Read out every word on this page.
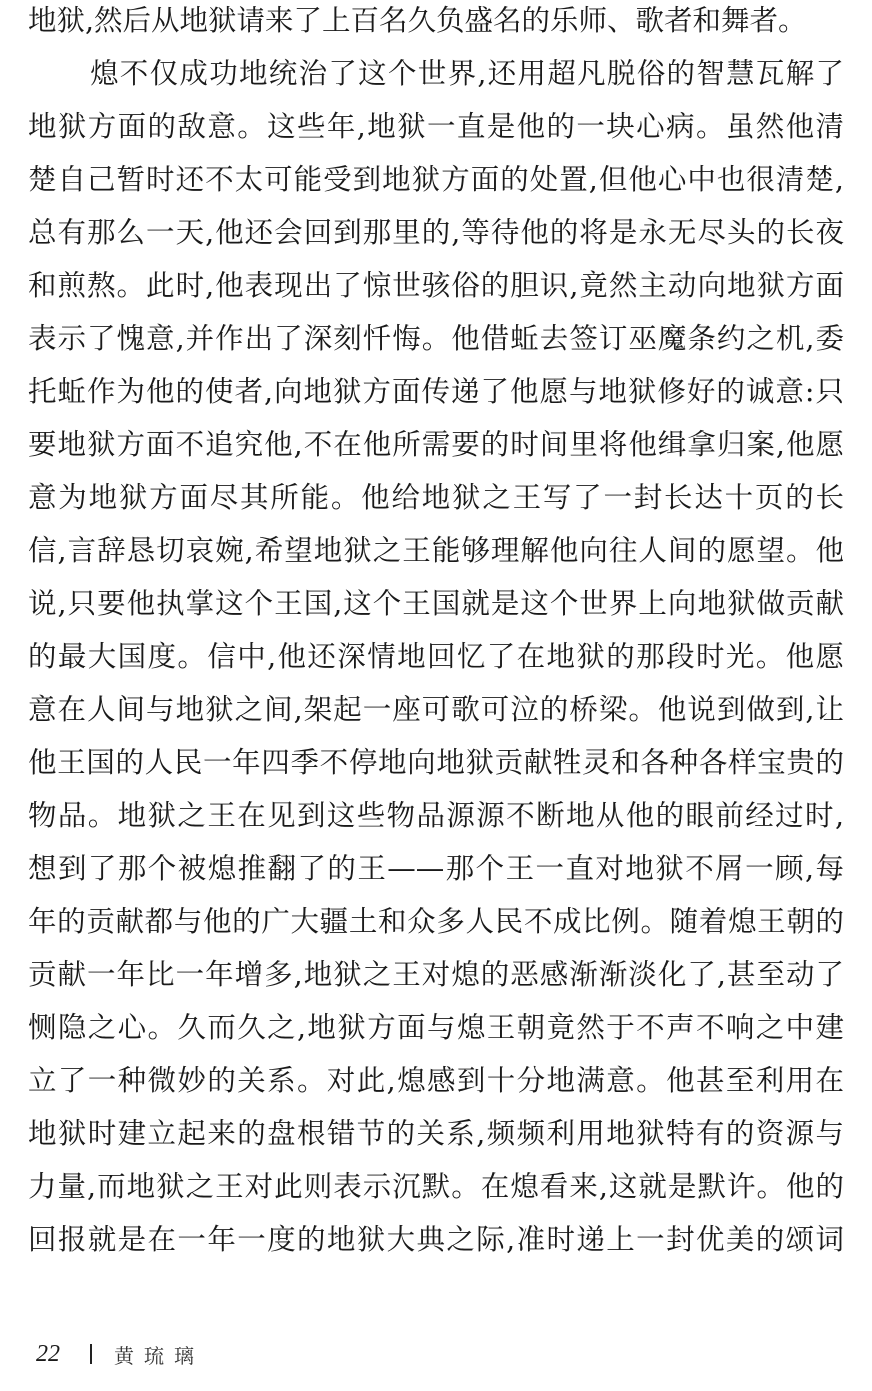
地狱,然后从地狱请来了上百名久负盛名的乐师、歌者和舞者。
熄不仅成功地统治了这个世界,还用超凡脱俗的智慧瓦解了
地狱方面的敌意。这些年,地狱一直是他的一块心病。虽然他清
楚自己暂时还不太可能受到地狱方面的处置,但他心中也很清楚,
总有那么一天,他还会回到那里的,等待他的将是永无尽头的长夜
和煎熬。此时,他表现出了惊世骇俗的胆识,竟然主动向地狱方面
表示了愧意,并作出了深刻忏悔。他借蚯去签订巫魔条约之机,委
托蚯作为他的使者,向地狱方面传递了他愿与地狱修好的诚意:只
要地狱方面不追究他,不在他所需要的时间里将他缉拿归案,他愿
意为地狱方面尽其所能。他给地狱之王写了一封长达十页的长
信,言辞恳切哀婉,希望地狱之王能够理解他向往人间的愿望。他
说,只要他执掌这个王国,这个王国就是这个世界上向地狱做贡献
的最大国度。信中,他还深情地回忆了在地狱的那段时光。他愿
意在人间与地狱之间,架起一座可歌可泣的桥梁。他说到做到,让
他王国的人民一年四季不停地向地狱贡献牲灵和各种各样宝贵的
物品。地狱之王在见到这些物品源源不断地从他的眼前经过时,
想到了那个被熄推翻了的王——那个王一直对地狱不屑一顾,每
年的贡献都与他的广大疆土和众多人民不成比例。随着熄王朝的
贡献一年比一年增多,地狱之王对熄的恶感渐渐淡化了,甚至动了
恻隐之心。久而久之,地狱方面与熄王朝竟然于不声不响之中建
立了一种微妙的关系。对此,熄感到十分地满意。他甚至利用在
地狱时建立起来的盘根错节的关系,频频利用地狱特有的资源与
力量,而地狱之王对此则表示沉默。在熄看来,这就是默许。他的
回报就是在一年一度的地狱大典之际,准时递上一封优美的颂词
22	黄琉璃
